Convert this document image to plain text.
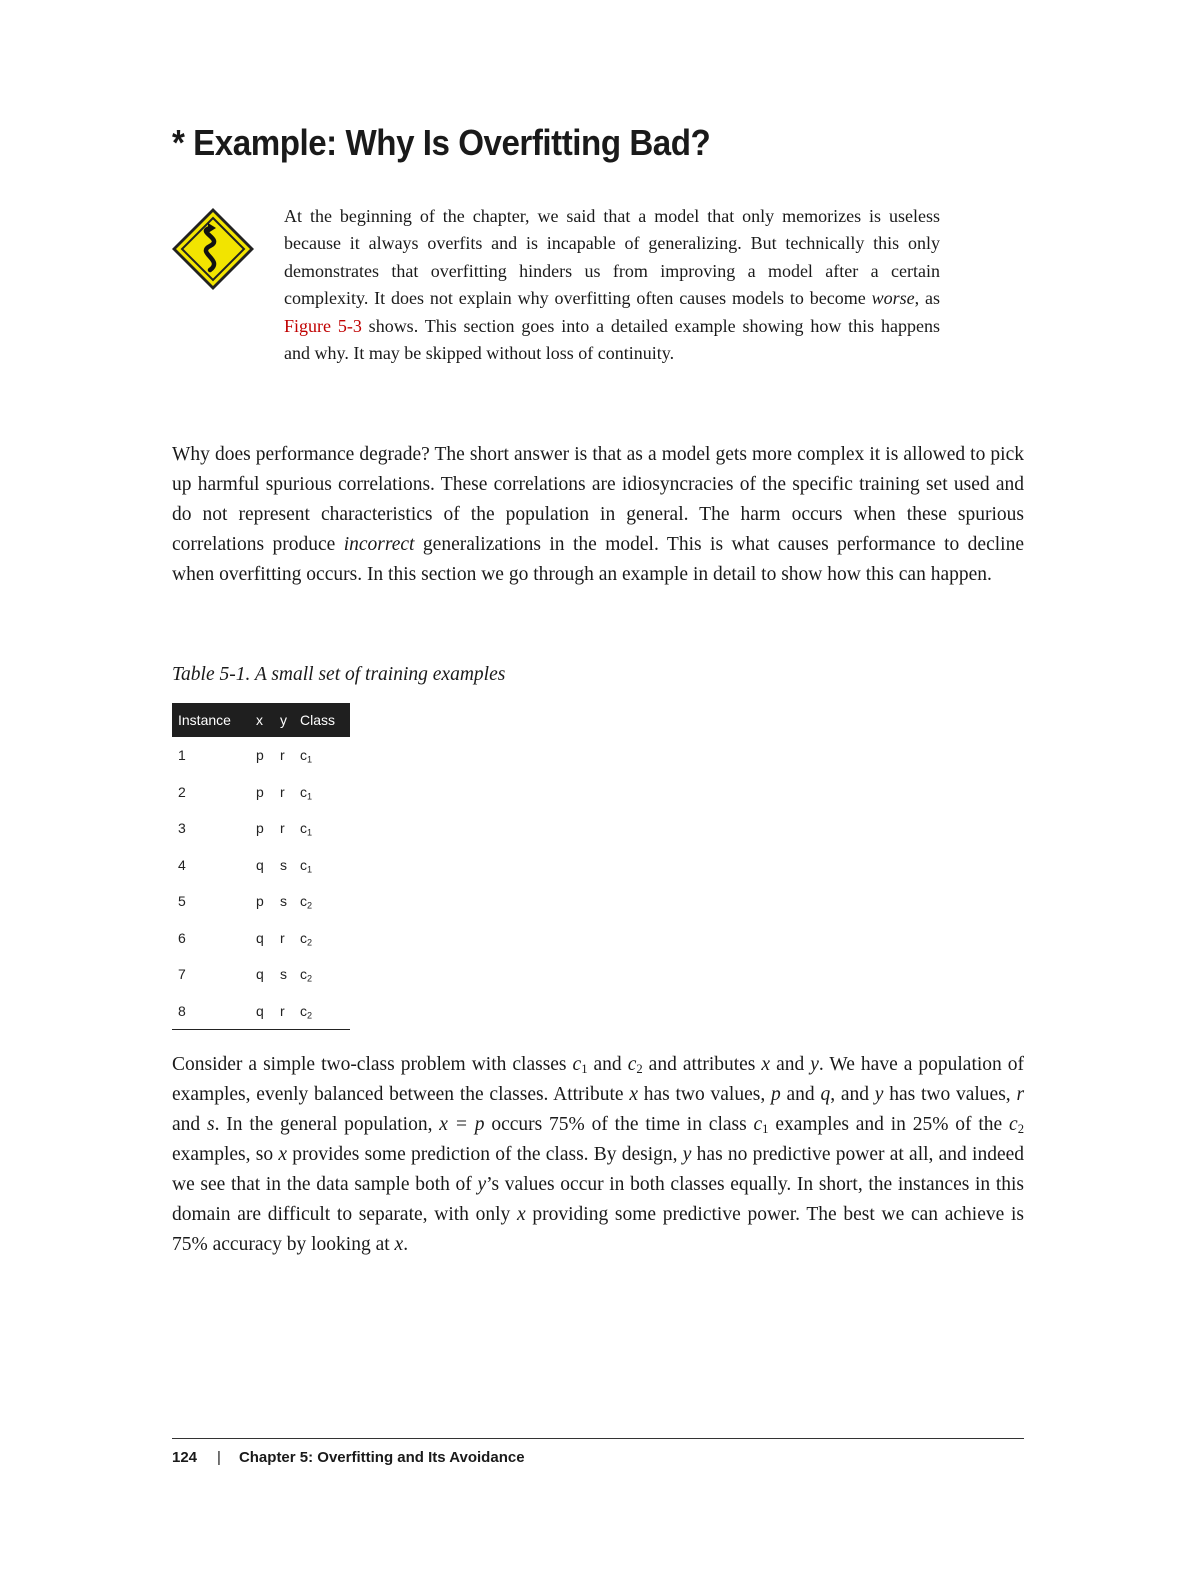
* Example: Why Is Overfitting Bad?

At the beginning of the chapter, we said that a model that only memorizes is useless because it always overfits and is incapable of generalizing. But technically this only demonstrates that overfitting hinders us from improving a model after a certain complexity. It does not explain why overfitting often causes models to become worse, as Figure 5-3 shows. This section goes into a detailed example showing how this happens and why. It may be skipped without loss of continuity.

Why does performance degrade? The short answer is that as a model gets more complex it is allowed to pick up harmful spurious correlations. These correlations are idiosyncracies of the specific training set used and do not represent characteristics of the population in general. The harm occurs when these spurious correlations produce incorrect generalizations in the model. This is what causes performance to decline when overfitting occurs. In this section we go through an example in detail to show how this can happen.

Table 5-1. A small set of training examples

Instance	x	y	Class
1	p	r	$c_1$
2	p	r	$c_1$
3	p	r	$c_1$
4	q	s	$c_1$
5	p	s	$c_2$
6	q	r	$c_2$
7	q	s	$c_2$
8	q	r	$c_2$

Consider a simple two-class problem with classes $c_1$ and $c_2$ and attributes x and y. We have a population of examples, evenly balanced between the classes. Attribute x has two values, p and q, and y has two values, r and s. In the general population, x = p occurs 75% of the time in class $c_1$ examples and in 25% of the $c_2$ examples, so x provides some prediction of the class. By design, y has no predictive power at all, and indeed we see that in the data sample both of y’s values occur in both classes equally. In short, the instances in this domain are difficult to separate, with only x providing some predictive power. The best we can achieve is 75% accuracy by looking at x.

124 | Chapter 5: Overfitting and Its Avoidance
